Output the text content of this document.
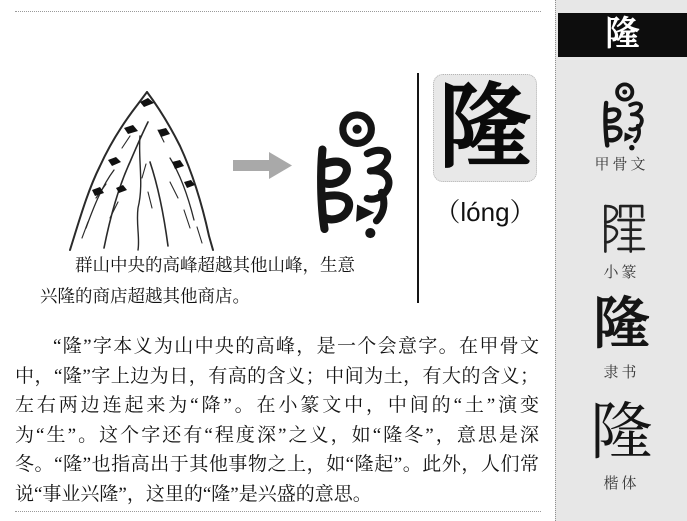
隆
（lóng）
群山中央的高峰超越其他山峰，生意
兴隆的商店超越其他商店。

“隆”字本义为山中央的高峰，是一个会意字。在甲骨文中，“隆”字上边为日，有高的含义；中间为土，有大的含义；左右两边连起来为“降”。在小篆文中，中间的“土”演变为“生”。这个字还有“程度深”之义，如“隆冬”，意思是深冬。“隆”也指高出于其他事物之上，如“隆起”。此外，人们常说“事业兴隆”，这里的“隆”是兴盛的意思。

隆
甲骨文
小篆
隆
隶书
隆
楷体
